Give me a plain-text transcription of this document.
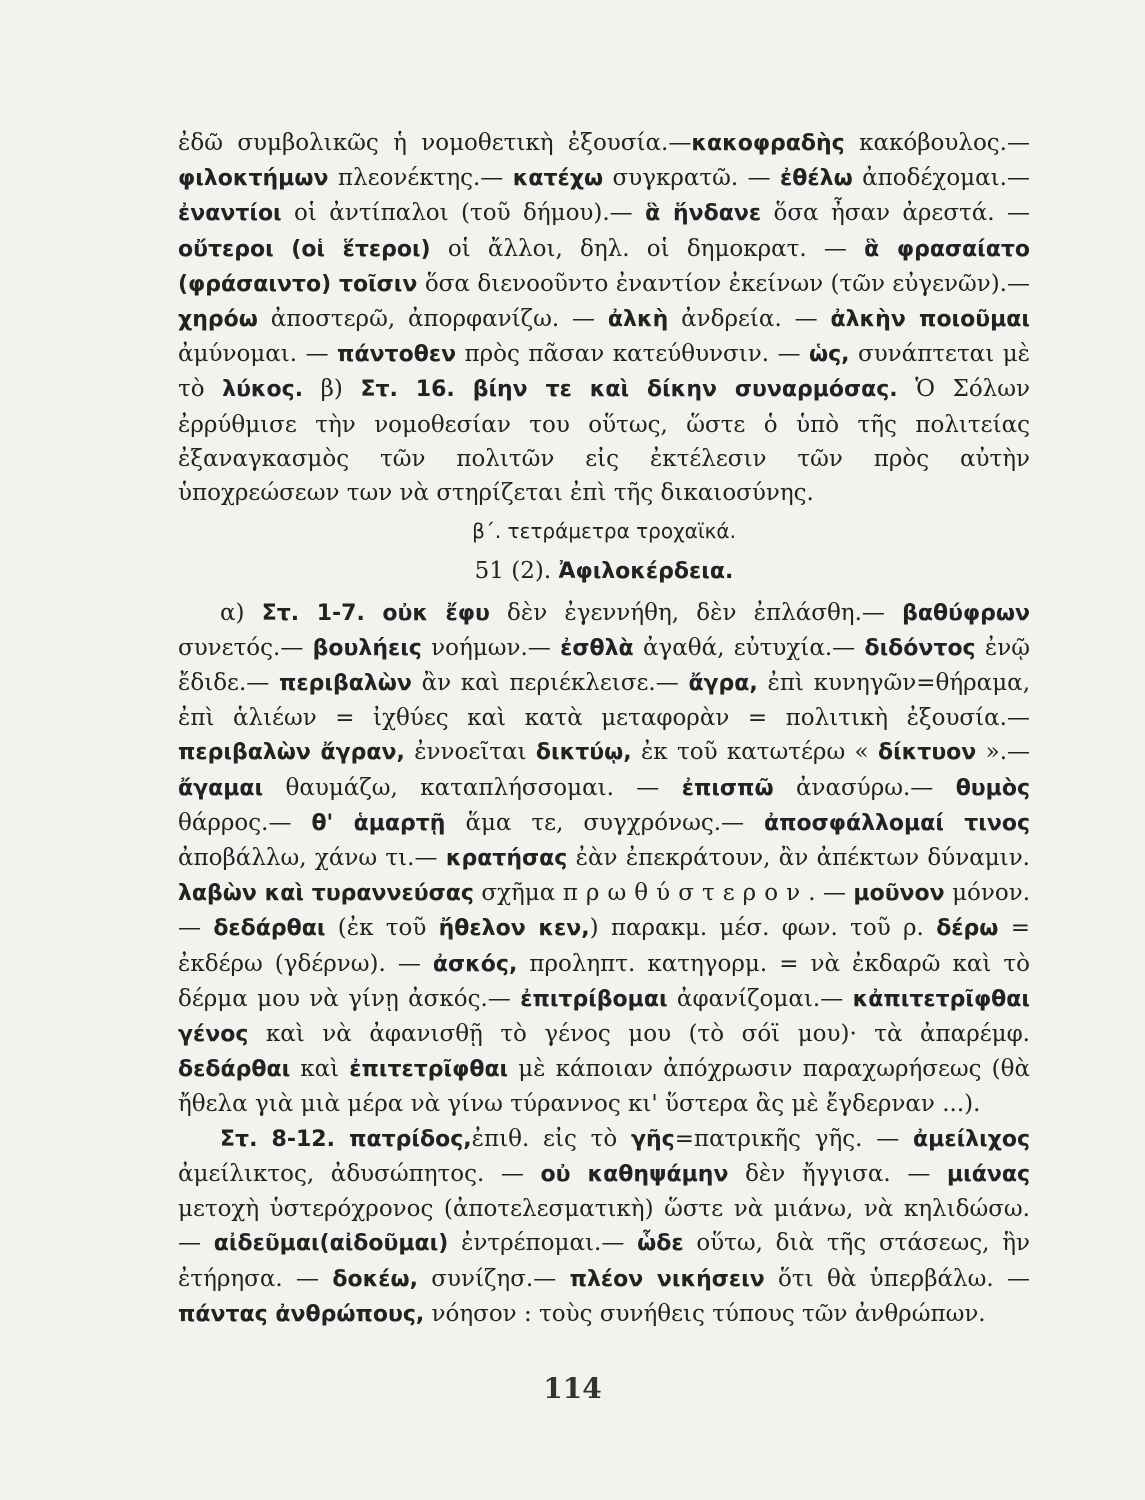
ἐδῶ συμβολικῶς ἡ νομοθετικὴ ἐξουσία.—κακοφραδὴς κακόβουλος.— φιλοκτήμων πλεονέκτης.— κατέχω συγκρατῶ. — ἐθέλω ἀποδέχομαι.— ἐναντίοι οἱ ἀντίπαλοι (τοῦ δήμου).— ἃ ἥνδανε ὅσα ἦσαν ἀρεστά. — οὔτεροι (οἱ ἕτεροι) οἱ ἄλλοι, δηλ. οἱ δημοκρατ. — ἃ φρασαίατο (φράσαιντο) τοῖσιν ὅσα διενοοῦντο ἐναντίον ἐκείνων (τῶν εὐγενῶν).— χηρόω ἀποστερῶ, ἀπορφανίζω. — ἀλκὴ ἀνδρεία. — ἀλκὴν ποιοῦμαι ἀμύνομαι. — πάντοθεν πρὸς πᾶσαν κατεύθυνσιν. — ὡς, συνάπτεται μὲ τὸ λύκος. β) Στ. 16. βίην τε καὶ δίκην συναρμόσας. Ὁ Σόλων ἐρρύθμισε τὴν νομοθεσίαν του οὕτως, ὥστε ὁ ὑπὸ τῆς πολιτείας ἐξαναγκασμὸς τῶν πολιτῶν εἰς ἐκτέλεσιν τῶν πρὸς αὐτὴν ὑποχρεώσεων των νὰ στηρίζεται ἐπὶ τῆς δικαιοσύνης.

β΄. τετράμετρα τροχαϊκά.

51 (2). Ἀφιλοκέρδεια.

α) Στ. 1-7. οὐκ ἔφυ δὲν ἐγεννήθη, δὲν ἐπλάσθη.— βαθύφρων συνετός.— βουλήεις νοήμων.— ἐσθλὰ ἀγαθά, εὐτυχία.— διδόντος ἐνῷ ἔδιδε.— περιβαλὼν ἂν καὶ περιέκλεισε.— ἄγρα, ἐπὶ κυνηγῶν=θήραμα, ἐπὶ ἁλιέων = ἰχθύες καὶ κατὰ μεταφορὰν = πολιτικὴ ἐξουσία.— περιβαλὼν ἄγραν, ἐννοεῖται δικτύῳ, ἐκ τοῦ κατωτέρω « δίκτυον ».— ἄγαμαι θαυμάζω, καταπλήσσομαι. — ἐπισπῶ ἀνασύρω.— θυμὸς θάρρος.— θ' ἁμαρτῇ ἅμα τε, συγχρόνως.— ἀποσφάλλομαί τινος ἀποβάλλω, χάνω τι.— κρατήσας ἐὰν ἐπεκράτουν, ἂν ἀπέκτων δύναμιν. λαβὼν καὶ τυραννεύσας σχῆμα πρωθύστερον. — μοῦνον μόνον. — δεδάρθαι (ἐκ τοῦ ἤθελον κεν,) παρακμ. μέσ. φων. τοῦ ρ. δέρω = ἐκδέρω (γδέρνω). — ἀσκός, προληπτ. κατηγορμ. = νὰ ἐκδαρῶ καὶ τὸ δέρμα μου νὰ γίνῃ ἀσκός.— ἐπιτρίβομαι ἀφανίζομαι.— κἀπιτετρῖφθαι γένος καὶ νὰ ἀφανισθῇ τὸ γένος μου (τὸ σόϊ μου)· τὰ ἀπαρέμφ. δεδάρθαι καὶ ἐπιτετρῖφθαι μὲ κάποιαν ἀπόχρωσιν παραχωρήσεως (θὰ ἤθελα γιὰ μιὰ μέρα νὰ γίνω τύραννος κι' ὕστερα ἂς μὲ ἔγδερναν ...).

Στ. 8-12. πατρίδος,ἐπιθ. εἰς τὸ γῆς=πατρικῆς γῆς. — ἀμείλιχος ἀμείλικτος, ἀδυσώπητος. — οὐ καθηψάμην δὲν ἤγγισα. — μιάνας μετοχὴ ὑστερόχρονος (ἀποτελεσματικὴ) ὥστε νὰ μιάνω, νὰ κηλιδώσω.— αἰδεῦμαι(αἰδοῦμαι) ἐντρέπομαι.— ὧδε οὕτω, διὰ τῆς στάσεως, ἣν ἐτήρησα. — δοκέω, συνίζησ.— πλέον νικήσειν ὅτι θὰ ὑπερβάλω. — πάντας ἀνθρώπους, νόησον : τοὺς συνήθεις τύπους τῶν ἀνθρώπων.

114
